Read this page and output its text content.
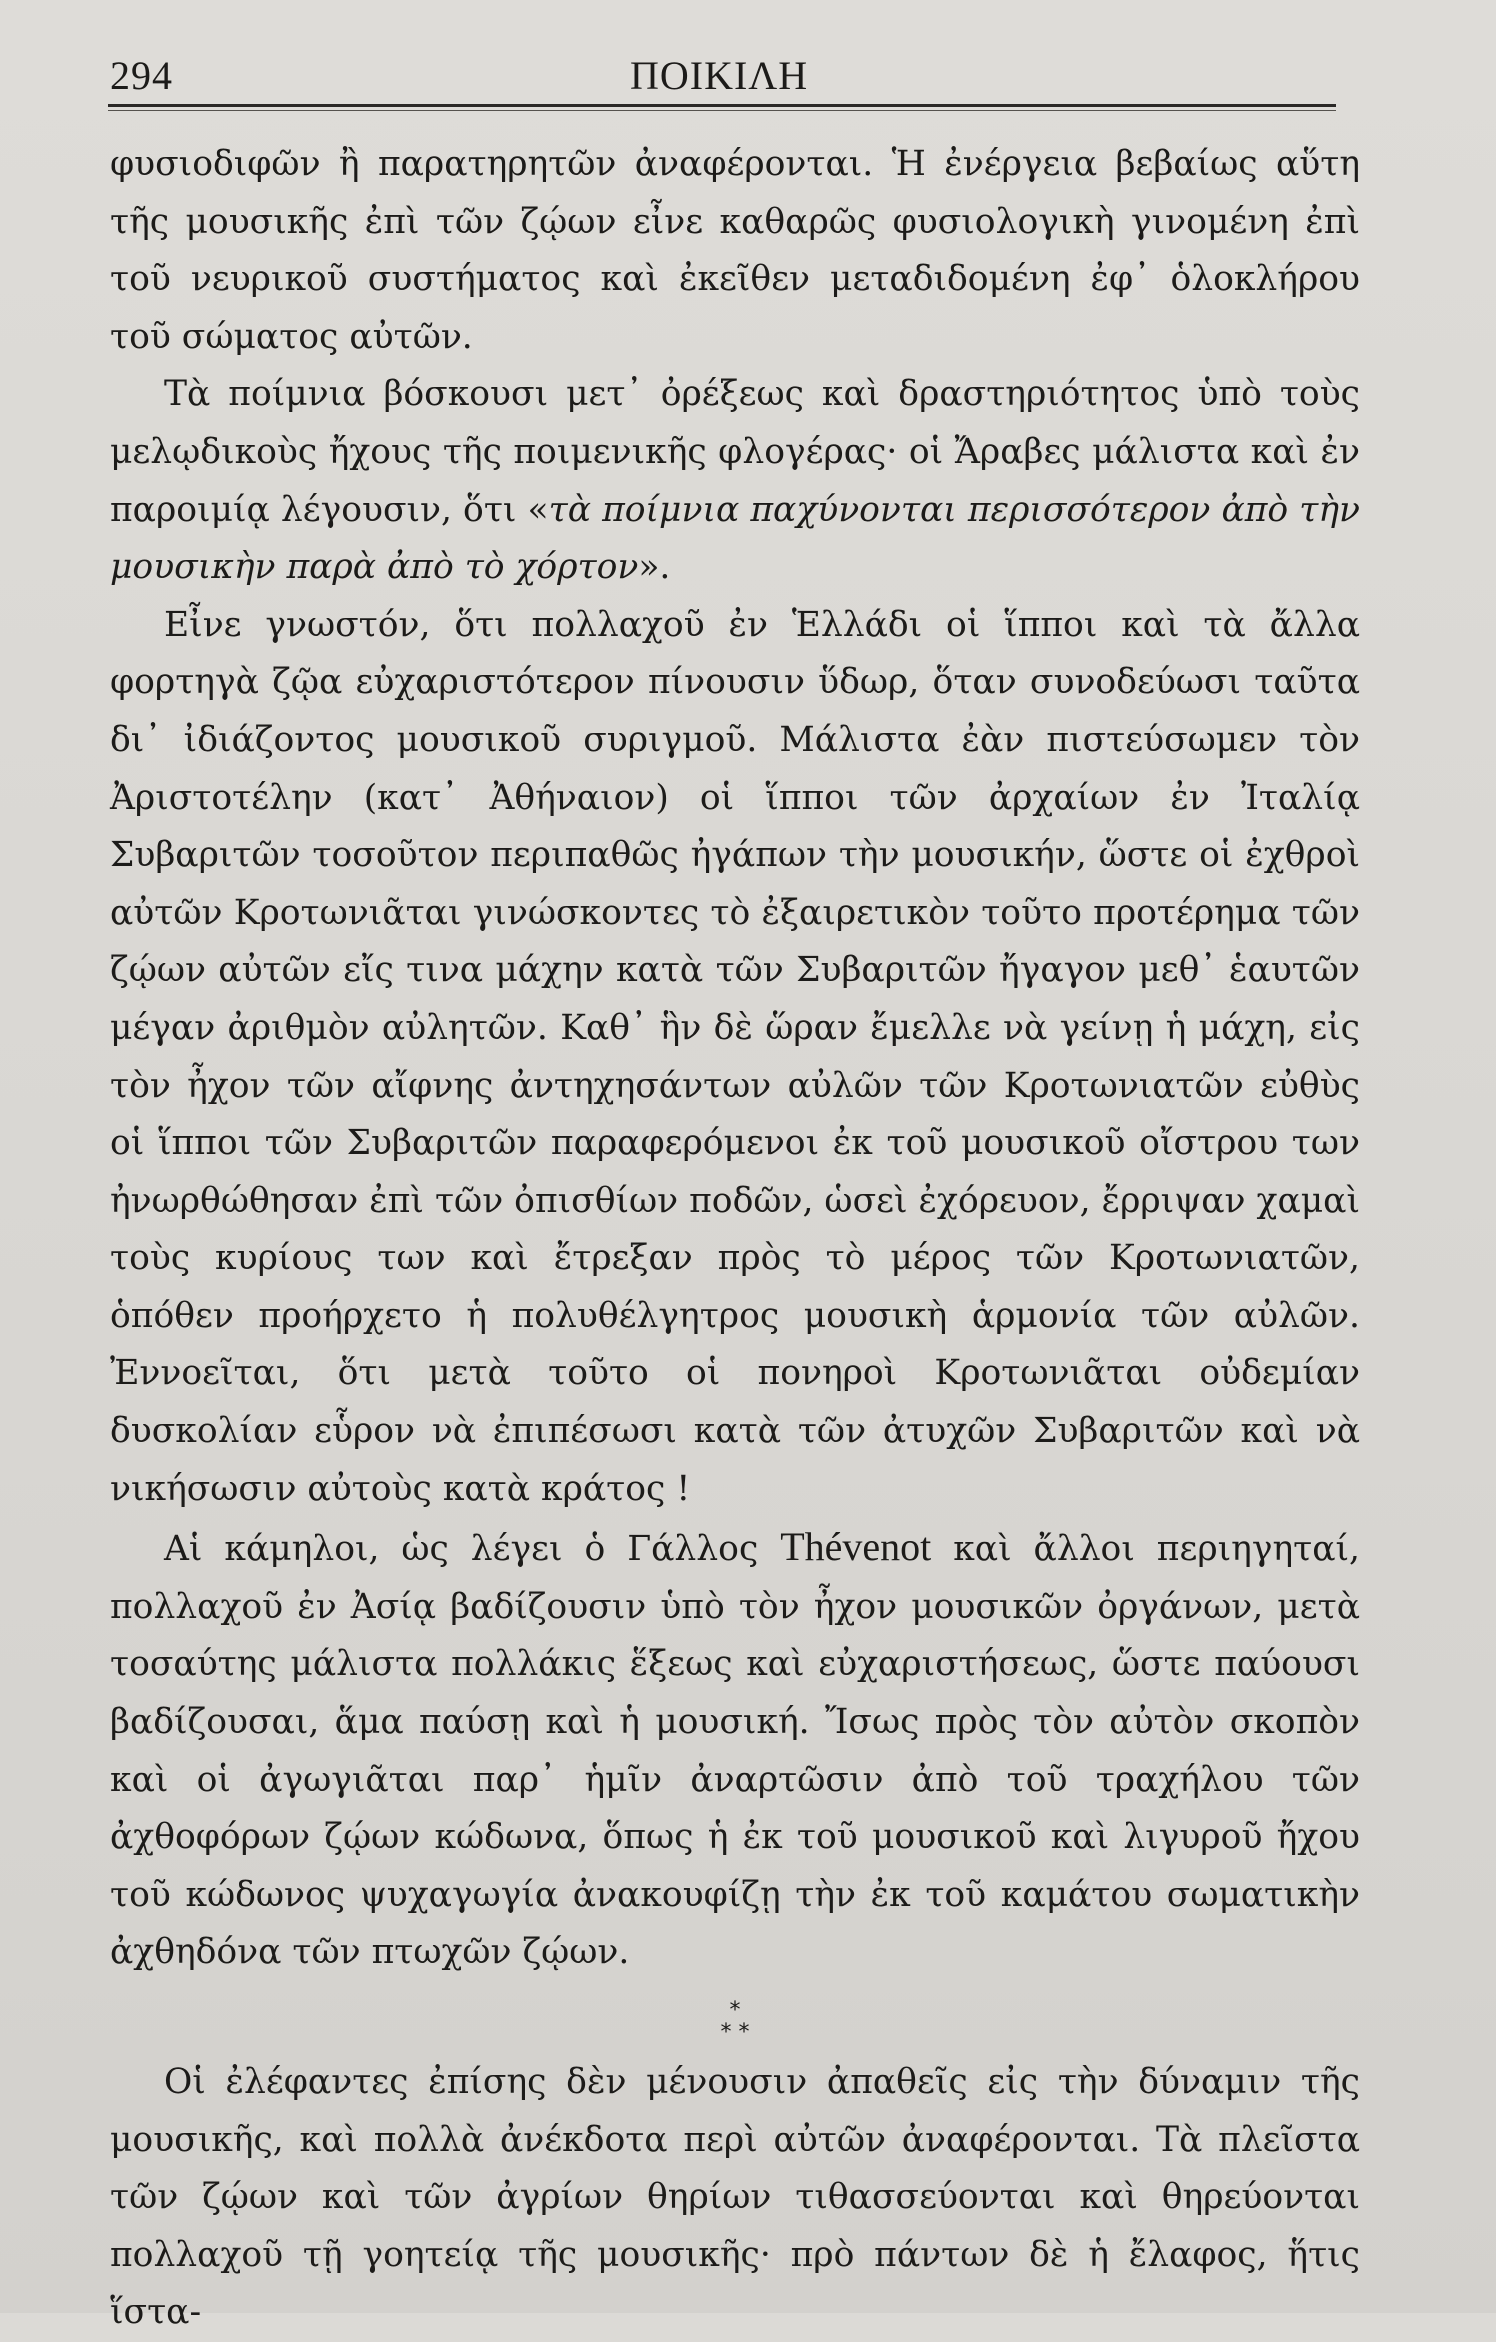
294	ΠΟΙΚΙΛΗ

φυσιοδιφῶν ἢ παρατηρητῶν ἀναφέρονται. Ἡ ἐνέργεια βεβαίως αὕτη τῆς μουσικῆς ἐπὶ τῶν ζῴων εἶνε καθαρῶς φυσιολογικὴ γινομένη ἐπὶ τοῦ νευρικοῦ συστήματος καὶ ἐκεῖθεν μεταδιδομένη ἐφ᾿ ὁλοκλήρου τοῦ σώματος αὐτῶν.

Τὰ ποίμνια βόσκουσι μετ᾿ ὀρέξεως καὶ δραστηριότητος ὑπὸ τοὺς μελῳδικοὺς ἤχους τῆς ποιμενικῆς φλογέρας· οἱ Ἄραβες μάλιστα καὶ ἐν παροιμίᾳ λέγουσιν, ὅτι «τὰ ποίμνια παχύνονται περισσότερον ἀπὸ τὴν μουσικὴν παρὰ ἀπὸ τὸ χόρτον».

Εἶνε γνωστόν, ὅτι πολλαχοῦ ἐν Ἑλλάδι οἱ ἵπποι καὶ τὰ ἄλλα φορτηγὰ ζῷα εὐχαριστότερον πίνουσιν ὕδωρ, ὅταν συνοδεύωσι ταῦτα δι᾿ ἰδιάζοντος μουσικοῦ συριγμοῦ. Μάλιστα ἐὰν πιστεύσωμεν τὸν Ἀριστοτέλην (κατ᾿ Ἀθήναιον) οἱ ἵπποι τῶν ἀρχαίων ἐν Ἰταλίᾳ Συβαριτῶν τοσοῦτον περιπαθῶς ἠγάπων τὴν μουσικήν, ὥστε οἱ ἐχθροὶ αὐτῶν Κροτωνιᾶται γινώσκοντες τὸ ἐξαιρετικὸν τοῦτο προτέρημα τῶν ζῴων αὐτῶν εἴς τινα μάχην κατὰ τῶν Συβαριτῶν ἤγαγον μεθ᾿ ἑαυτῶν μέγαν ἀριθμὸν αὐλητῶν. Καθ᾿ ἣν δὲ ὥραν ἔμελλε νὰ γείνῃ ἡ μάχη, εἰς τὸν ἦχον τῶν αἴφνης ἀντηχησάντων αὐλῶν τῶν Κροτωνιατῶν εὐθὺς οἱ ἵπποι τῶν Συβαριτῶν παραφερόμενοι ἐκ τοῦ μουσικοῦ οἴστρου των ἠνωρθώθησαν ἐπὶ τῶν ὀπισθίων ποδῶν, ὡσεὶ ἐχόρευον, ἔρριψαν χαμαὶ τοὺς κυρίους των καὶ ἔτρεξαν πρὸς τὸ μέρος τῶν Κροτωνιατῶν, ὁπόθεν προήρχετο ἡ πολυθέλγητρος μουσικὴ ἁρμονία τῶν αὐλῶν. Ἐννοεῖται, ὅτι μετὰ τοῦτο οἱ πονηροὶ Κροτωνιᾶται οὐδεμίαν δυσκολίαν εὗρον νὰ ἐπιπέσωσι κατὰ τῶν ἀτυχῶν Συβαριτῶν καὶ νὰ νικήσωσιν αὐτοὺς κατὰ κράτος !

Αἱ κάμηλοι, ὡς λέγει ὁ Γάλλος Thévenot καὶ ἄλλοι περιηγηταί, πολλαχοῦ ἐν Ἀσίᾳ βαδίζουσιν ὑπὸ τὸν ἦχον μουσικῶν ὀργάνων, μετὰ τοσαύτης μάλιστα πολλάκις ἕξεως καὶ εὐχαριστήσεως, ὥστε παύουσι βαδίζουσαι, ἅμα παύσῃ καὶ ἡ μουσική. Ἴσως πρὸς τὸν αὐτὸν σκοπὸν καὶ οἱ ἀγωγιᾶται παρ᾿ ἡμῖν ἀναρτῶσιν ἀπὸ τοῦ τραχήλου τῶν ἀχθοφόρων ζῴων κώδωνα, ὅπως ἡ ἐκ τοῦ μουσικοῦ καὶ λιγυροῦ ἤχου τοῦ κώδωνος ψυχαγωγία ἀνακουφίζῃ τὴν ἐκ τοῦ καμάτου σωματικὴν ἀχθηδόνα τῶν πτωχῶν ζῴων.

*
* *

Οἱ ἐλέφαντες ἐπίσης δὲν μένουσιν ἀπαθεῖς εἰς τὴν δύναμιν τῆς μουσικῆς, καὶ πολλὰ ἀνέκδοτα περὶ αὐτῶν ἀναφέρονται. Τὰ πλεῖστα τῶν ζῴων καὶ τῶν ἀγρίων θηρίων τιθασσεύονται καὶ θηρεύονται πολλαχοῦ τῇ γοητείᾳ τῆς μουσικῆς· πρὸ πάντων δὲ ἡ ἔλαφος, ἥτις ἵστα-
